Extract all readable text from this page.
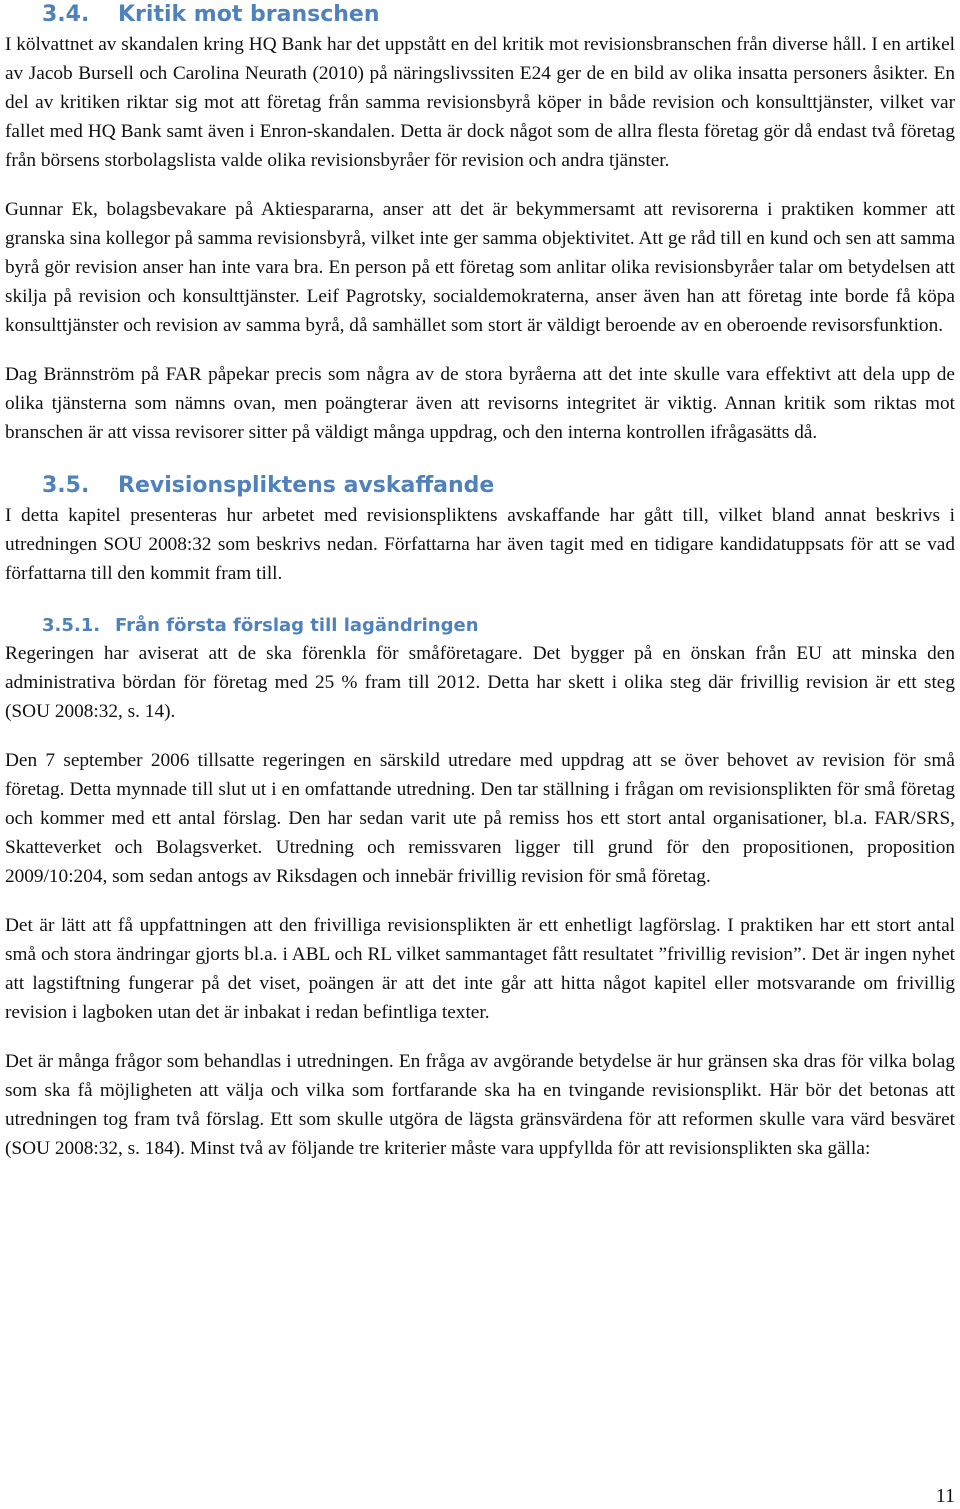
3.4. Kritik mot branschen

I kölvattnet av skandalen kring HQ Bank har det uppstått en del kritik mot revisionsbranschen från diverse håll. I en artikel av Jacob Bursell och Carolina Neurath (2010) på näringslivssiten E24 ger de en bild av olika insatta personers åsikter. En del av kritiken riktar sig mot att företag från samma revisionsbyrå köper in både revision och konsulttjänster, vilket var fallet med HQ Bank samt även i Enron-skandalen. Detta är dock något som de allra flesta företag gör då endast två företag från börsens storbolagslista valde olika revisionsbyråer för revision och andra tjänster.

Gunnar Ek, bolagsbevakare på Aktiespararna, anser att det är bekymmersamt att revisorerna i praktiken kommer att granska sina kollegor på samma revisionsbyrå, vilket inte ger samma objektivitet. Att ge råd till en kund och sen att samma byrå gör revision anser han inte vara bra. En person på ett företag som anlitar olika revisionsbyråer talar om betydelsen att skilja på revision och konsulttjänster. Leif Pagrotsky, socialdemokraterna, anser även han att företag inte borde få köpa konsulttjänster och revision av samma byrå, då samhället som stort är väldigt beroende av en oberoende revisorsfunktion.

Dag Brännström på FAR påpekar precis som några av de stora byråerna att det inte skulle vara effektivt att dela upp de olika tjänsterna som nämns ovan, men poängterar även att revisorns integritet är viktig. Annan kritik som riktas mot branschen är att vissa revisorer sitter på väldigt många uppdrag, och den interna kontrollen ifrågasätts då.

3.5. Revisionspliktens avskaffande

I detta kapitel presenteras hur arbetet med revisionspliktens avskaffande har gått till, vilket bland annat beskrivs i utredningen SOU 2008:32 som beskrivs nedan. Författarna har även tagit med en tidigare kandidatuppsats för att se vad författarna till den kommit fram till.

3.5.1. Från första förslag till lagändringen

Regeringen har aviserat att de ska förenkla för småföretagare. Det bygger på en önskan från EU att minska den administrativa bördan för företag med 25 % fram till 2012. Detta har skett i olika steg där frivillig revision är ett steg (SOU 2008:32, s. 14).

Den 7 september 2006 tillsatte regeringen en särskild utredare med uppdrag att se över behovet av revision för små företag. Detta mynnade till slut ut i en omfattande utredning. Den tar ställning i frågan om revisionsplikten för små företag och kommer med ett antal förslag. Den har sedan varit ute på remiss hos ett stort antal organisationer, bl.a. FAR/SRS, Skatteverket och Bolagsverket. Utredning och remissvaren ligger till grund för den propositionen, proposition 2009/10:204, som sedan antogs av Riksdagen och innebär frivillig revision för små företag.

Det är lätt att få uppfattningen att den frivilliga revisionsplikten är ett enhetligt lagförslag. I praktiken har ett stort antal små och stora ändringar gjorts bl.a. i ABL och RL vilket sammantaget fått resultatet ”frivillig revision”. Det är ingen nyhet att lagstiftning fungerar på det viset, poängen är att det inte går att hitta något kapitel eller motsvarande om frivillig revision i lagboken utan det är inbakat i redan befintliga texter.

Det är många frågor som behandlas i utredningen. En fråga av avgörande betydelse är hur gränsen ska dras för vilka bolag som ska få möjligheten att välja och vilka som fortfarande ska ha en tvingande revisionsplikt. Här bör det betonas att utredningen tog fram två förslag. Ett som skulle utgöra de lägsta gränsvärdena för att reformen skulle vara värd besväret (SOU 2008:32, s. 184). Minst två av följande tre kriterier måste vara uppfyllda för att revisionsplikten ska gälla:

11
